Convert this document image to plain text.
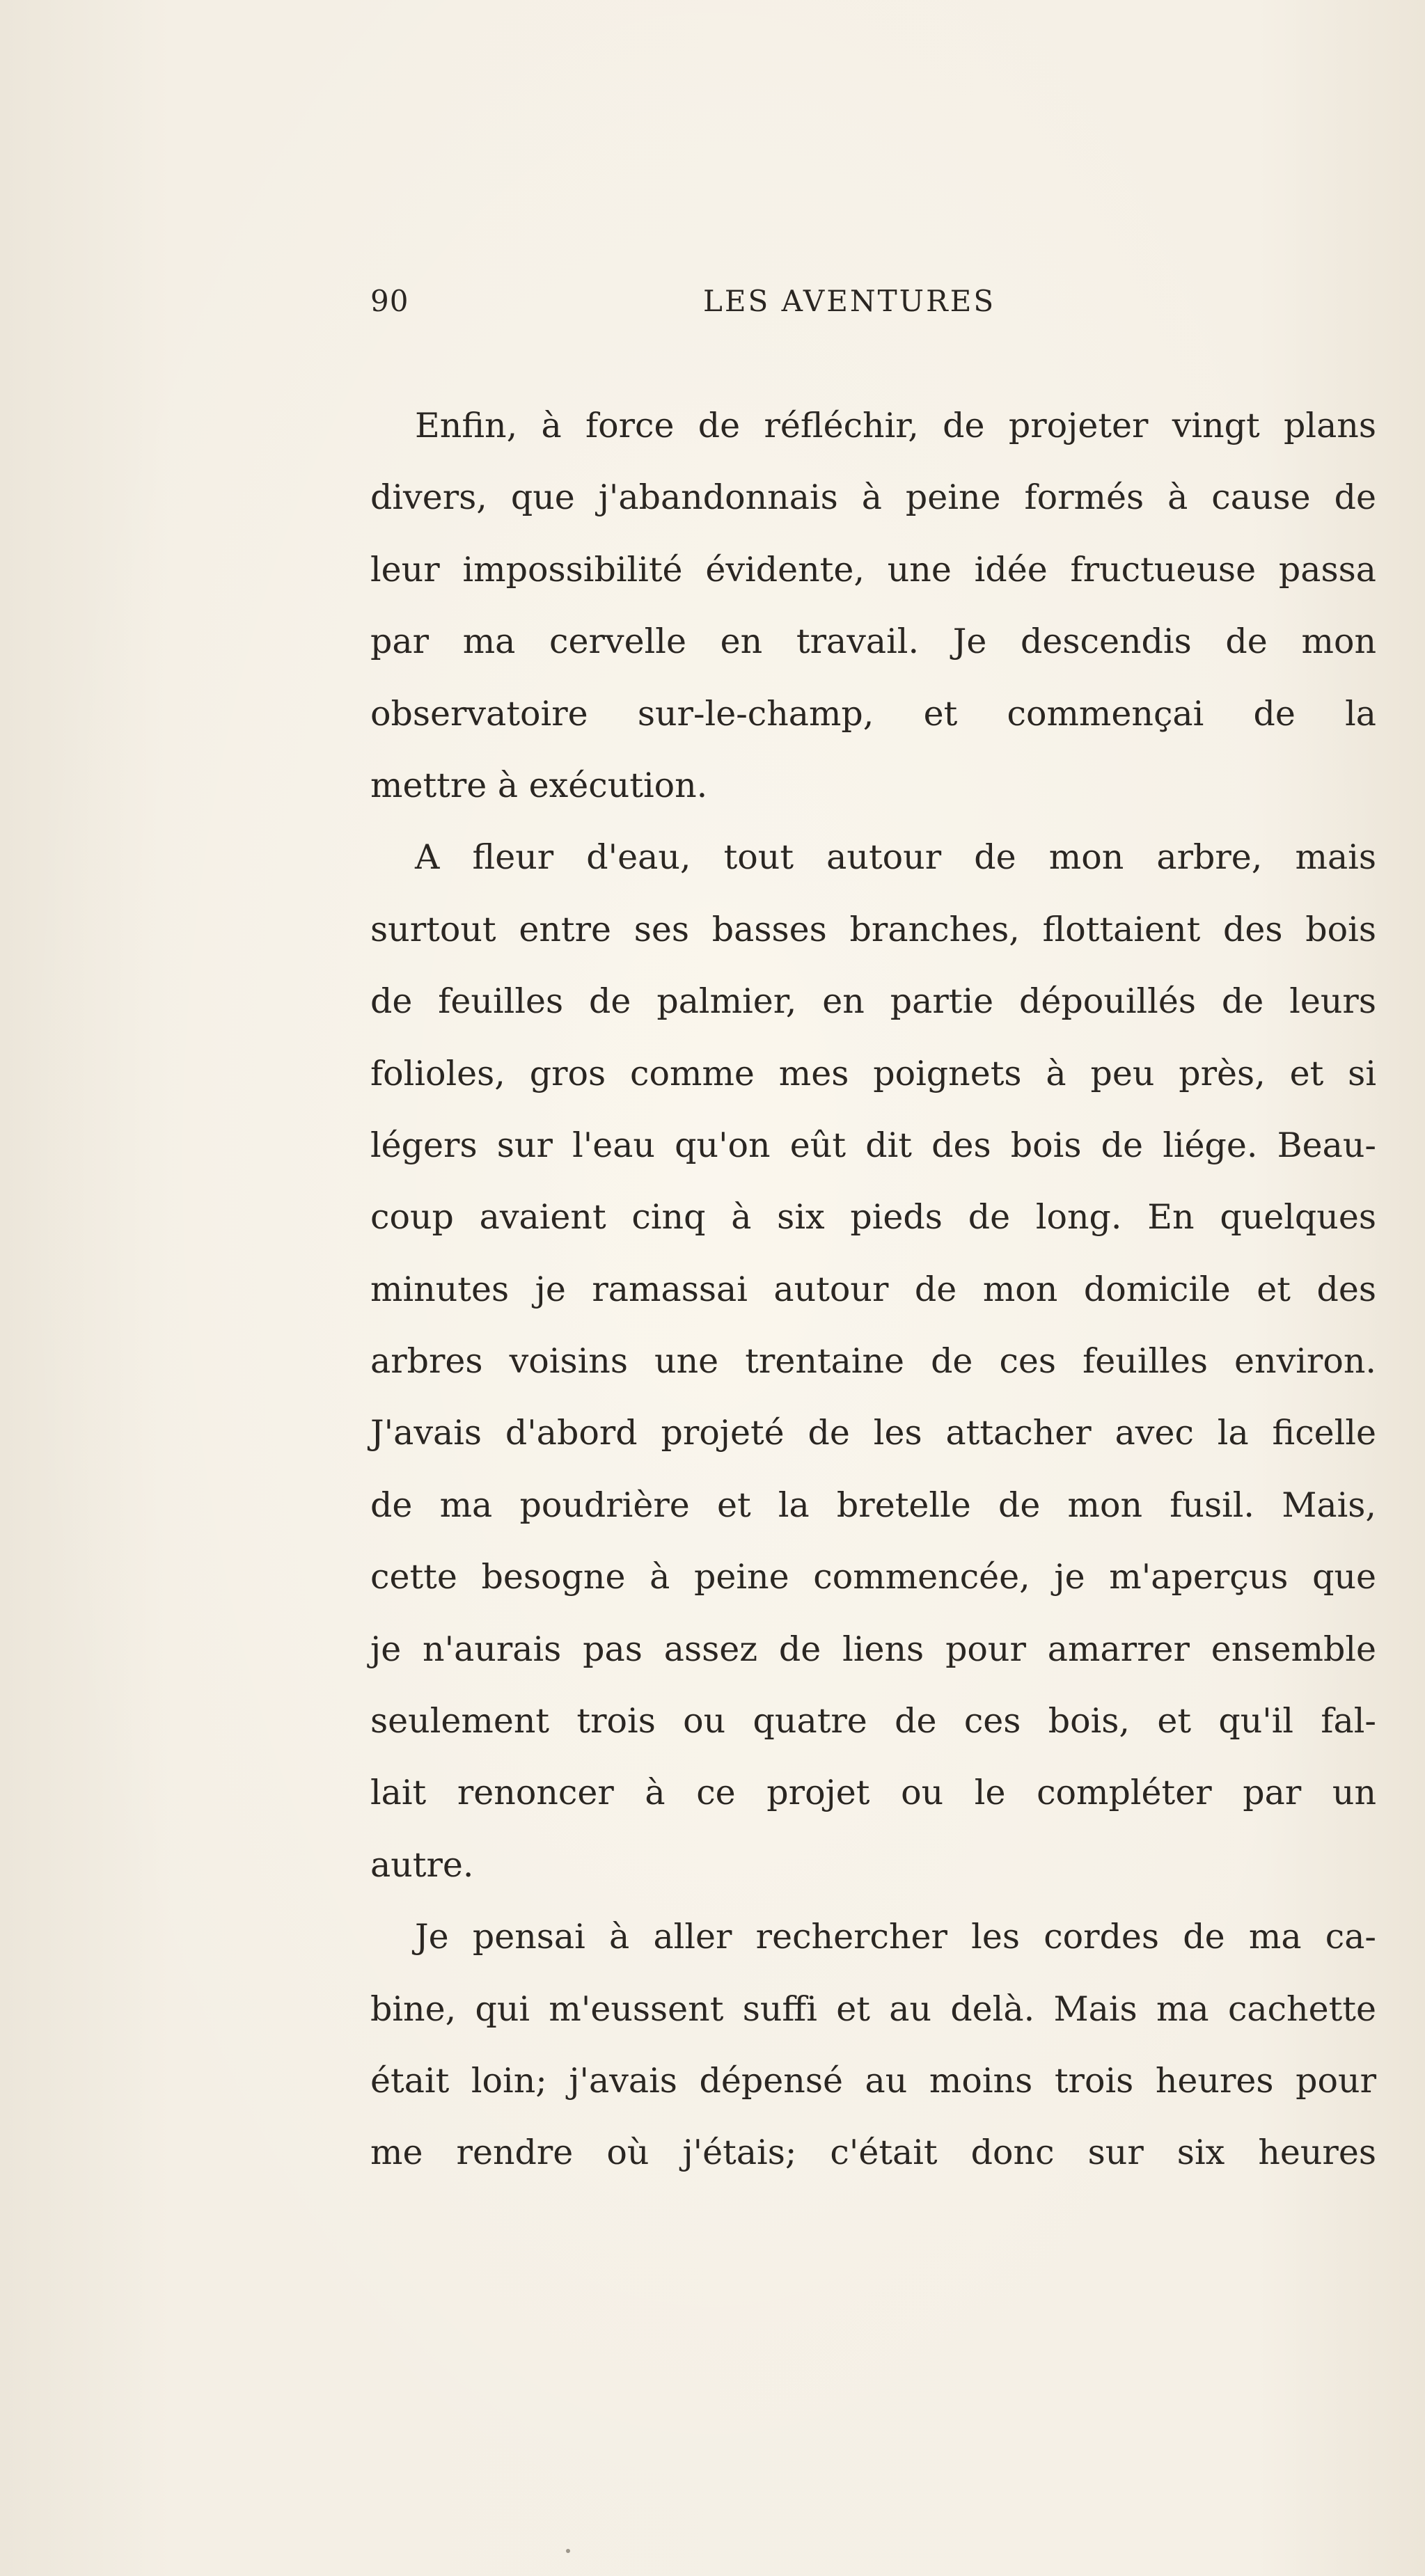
90	LES AVENTURES
Enfin, à force de réfléchir, de projeter vingt plans
divers, que j'abandonnais à peine formés à cause de
leur impossibilité évidente, une idée fructueuse passa
par ma cervelle en travail. Je descendis de mon
observatoire sur-le-champ, et commençai de la
mettre à exécution.
A fleur d'eau, tout autour de mon arbre, mais
surtout entre ses basses branches, flottaient des bois
de feuilles de palmier, en partie dépouillés de leurs
folioles, gros comme mes poignets à peu près, et si
légers sur l'eau qu'on eût dit des bois de liége. Beau-
coup avaient cinq à six pieds de long. En quelques
minutes je ramassai autour de mon domicile et des
arbres voisins une trentaine de ces feuilles environ.
J'avais d'abord projeté de les attacher avec la ficelle
de ma poudrière et la bretelle de mon fusil. Mais,
cette besogne à peine commencée, je m'aperçus que
je n'aurais pas assez de liens pour amarrer ensemble
seulement trois ou quatre de ces bois, et qu'il fal-
lait renoncer à ce projet ou le compléter par un
autre.
Je pensai à aller rechercher les cordes de ma ca-
bine, qui m'eussent suffi et au delà. Mais ma cachette
était loin; j'avais dépensé au moins trois heures pour
me rendre où j'étais; c'était donc sur six heures
